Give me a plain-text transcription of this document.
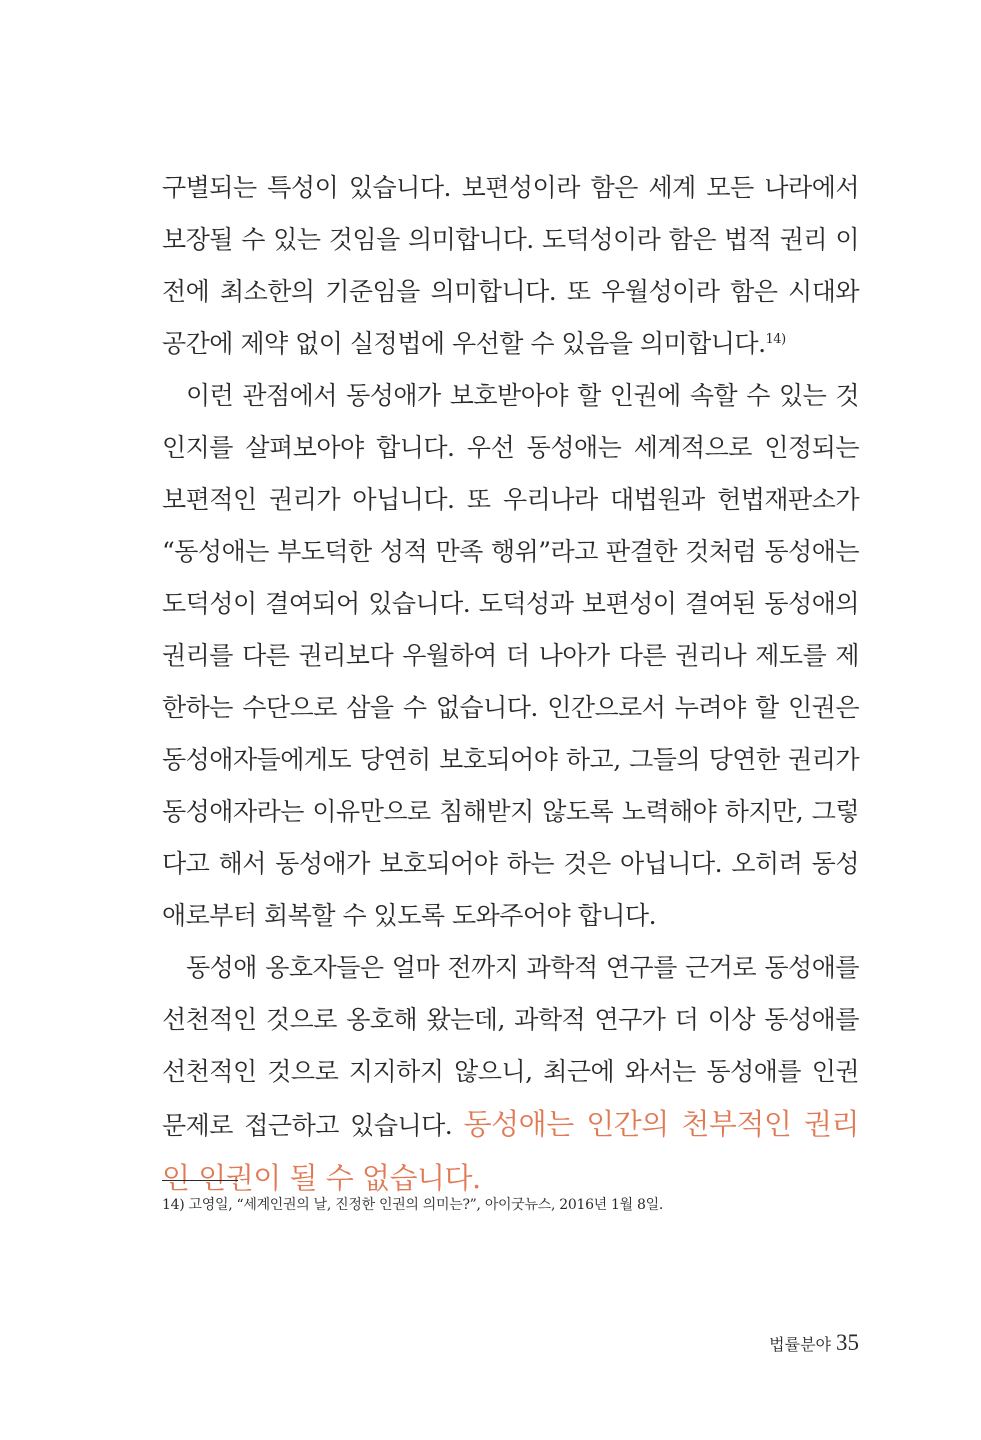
구별되는 특성이 있습니다. 보편성이라 함은 세계 모든 나라에서 보장될 수 있는 것임을 의미합니다. 도덕성이라 함은 법적 권리 이전에 최소한의 기준임을 의미합니다. 또 우월성이라 함은 시대와 공간에 제약 없이 실정법에 우선할 수 있음을 의미합니다.$^{14)}$

이런 관점에서 동성애가 보호받아야 할 인권에 속할 수 있는 것인지를 살펴보아야 합니다. 우선 동성애는 세계적으로 인정되는 보편적인 권리가 아닙니다. 또 우리나라 대법원과 헌법재판소가 “동성애는 부도덕한 성적 만족 행위”라고 판결한 것처럼 동성애는 도덕성이 결여되어 있습니다. 도덕성과 보편성이 결여된 동성애의 권리를 다른 권리보다 우월하여 더 나아가 다른 권리나 제도를 제한하는 수단으로 삼을 수 없습니다. 인간으로서 누려야 할 인권은 동성애자들에게도 당연히 보호되어야 하고, 그들의 당연한 권리가 동성애자라는 이유만으로 침해받지 않도록 노력해야 하지만, 그렇다고 해서 동성애가 보호되어야 하는 것은 아닙니다. 오히려 동성애로부터 회복할 수 있도록 도와주어야 합니다.

동성애 옹호자들은 얼마 전까지 과학적 연구를 근거로 동성애를 선천적인 것으로 옹호해 왔는데, 과학적 연구가 더 이상 동성애를 선천적인 것으로 지지하지 않으니, 최근에 와서는 동성애를 인권 문제로 접근하고 있습니다. 동성애는 인간의 천부적인 권리인 인권이 될 수 없습니다.

14) 고영일, “세계인권의 날, 진정한 인권의 의미는?”, 아이굿뉴스, 2016년 1월 8일.
법률분야 35
